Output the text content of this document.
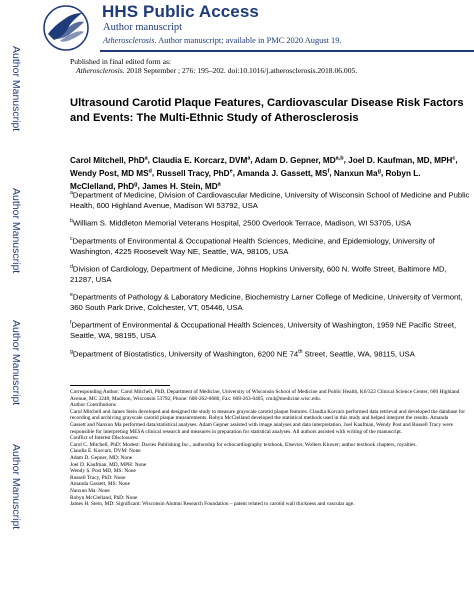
HHS Public Access
Author manuscript
Atherosclerosis. Author manuscript; available in PMC 2020 August 19.
Author Manuscript
Author Manuscript
Author Manuscript
Author Manuscript
Published in final edited form as:
Atherosclerosis. 2018 September ; 276: 195–202. doi:10.1016/j.atherosclerosis.2018.06.005.
Ultrasound Carotid Plaque Features, Cardiovascular Disease Risk Factors and Events: The Multi-Ethnic Study of Atherosclerosis
Carol Mitchell, PhD$^a$, Claudia E. Korcarz, DVM$^a$, Adam D. Gepner, MD$^{a,b}$, Joel D. Kaufman, MD, MPH$^c$, Wendy Post, MD $MS^d$, Russell Tracy, PhD$^e$, Amanda J. Gassett, $MS^f$, Nanxun Ma$^g$, Robyn L. McClelland, PhD$^g$, James H. Stein, $MD^a$

$^a$Department of Medicine, Division of Cardiovascular Medicine, University of Wisconsin School of Medicine and Public Health, 600 Highland Avenue, Madison WI 53792, USA

$^b$William S. Middleton Memorial Veterans Hospital, 2500 Overlook Terrace, Madison, WI 53705, USA

$^c$Departments of Environmental & Occupational Health Sciences, Medicine, and Epidemiology, University of Washington, 4225 Roosevelt Way NE, Seattle, WA, 98105, USA

$^d$Division of Cardiology, Department of Medicine, Johns Hopkins University, 600 N. Wolfe Street, Baltimore MD, 21287, USA

$^e$Departments of Pathology & Laboratory Medicine, Biochemistry Larner College of Medicine, University of Vermont, 360 South Park Drive, Colchester, VT, 05446, USA

$^f$Department of Environmental & Occupational Health Sciences, University of Washington, 1959 NE Pacific Street, Seattle, WA, 98195, USA

$^g$Department of Biostatistics, University of Washington, 6200 NE 74th Street, Seattle, WA, 98115, USA

Corresponding Author: Carol Mitchell, PhD, Department of Medicine, University of Wisconsin School of Medicine and Public Health, K6/322 Clinical Science Center, 600 Highland Avenue, MC 3248, Madison, Wisconsin 53792, Phone: 608-262-0680, Fax: 608-263-0405, cm4@medicine.wisc.edu.

Author Contributions

Carol Mitchell and James Stein developed and designed the study to measure grayscale carotid plaque features. Claudia Korcarz performed data retrieval and developed the database for recording and archiving grayscale carotid plaque measurements. Robyn McClelland developed the statistical methods used in this study and helped interpret the results. Amanda Gassett and Nanxun Ma performed data/statistical analyses. Adam Gepner assisted with image analyses and data interpretation. Joel Kaufman, Wendy Post and Russell Tracy were responsible for interpreting MESA clinical research and measures in preparation for statistical analyses. All authors assisted with writing of the manuscript.

Conflict of Interest Disclosures:

Carol C. Mitchell, PhD: Modest: Davies Publishing Inc., authorship for echocardiography textbook, Elsevier, Wolters Kluwer; author textbook chapters, royalties.

Claudia E. Korcarz, DVM: None

Adam D. Gepner, MD: None

Joel D. Kaufman, MD, MPH: None

Wendy S. Post MD, MS: None

Russell Tracy, PhD: None

Amanda Gassett, MS: None

Nanxun Ma: None

Robyn McClelland, PhD: None

James H. Stein, MD: Significant: Wisconsin Alumni Research Foundation – patent related to carotid wall thickness and vascular age.
